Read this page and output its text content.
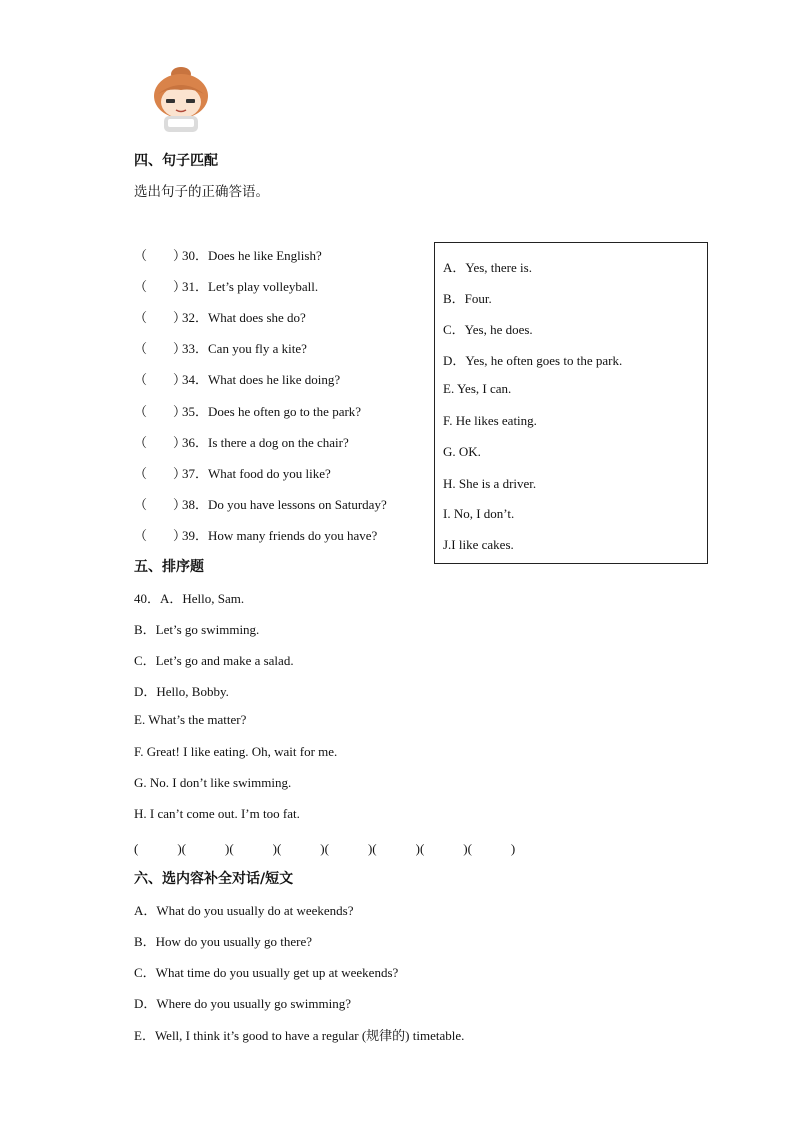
四、句子匹配
选出句子的正确答语。
（　　）30．Does he like English?
（　　）31．Let’s play volleyball.
（　　）32．What does she do?
（　　）33．Can you fly a kite?
（　　）34．What does he like doing?
（　　）35．Does he often go to the park?
（　　）36．Is there a dog on the chair?
（　　）37．What food do you like?
（　　）38．Do you have lessons on Saturday?
（　　）39．How many friends do you have?
A．Yes, there is.
B．Four.
C．Yes, he does.
D．Yes, he often goes to the park.
E. Yes, I can.
F. He likes eating.
G. OK.
H. She is a driver.
I. No, I don’t.
J.I like cakes.
五、排序题
40．A．Hello, Sam.
B．Let’s go swimming.
C．Let’s go and make a salad.
D．Hello, Bobby.
E. What’s the matter?
F. Great! I like eating. Oh, wait for me.
G. No. I don’t like swimming.
H. I can’t come out. I’m too fat.
(　　　)(　　　)(　　　)(　　　)(　　　)(　　　)(　　　)(　　　)
六、选内容补全对话/短文
A．What do you usually do at weekends?
B．How do you usually go there?
C．What time do you usually get up at weekends?
D．Where do you usually go swimming?
E．Well, I think it’s good to have a regular (规律的) timetable.
